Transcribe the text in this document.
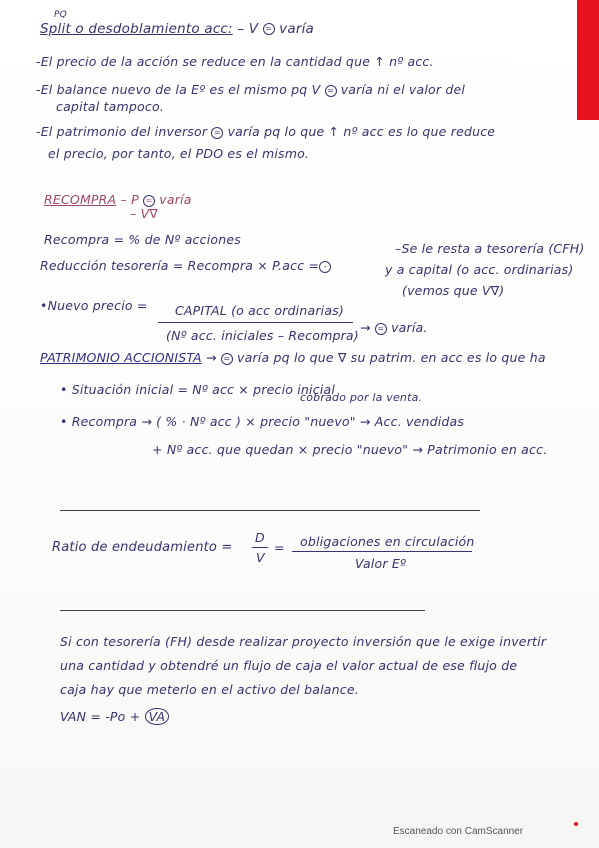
PQ
Split o desdoblamiento acc: – V = varía
-El precio de la acción se reduce en la cantidad que ↑ nº acc.
-El balance nuevo de la Eº es el mismo pq V = varía ni el valor del
capital tampoco.
-El patrimonio del inversor = varía pq lo que ↑ nº acc es lo que reduce
el precio, por tanto, el PDO es el mismo.
RECOMPRA – P = varía
– V∇
Recompra = % de Nº acciones
Reducción tesorería = Recompra × P.acc = -
–Se le resta a tesorería (CFH)
y a capital (o acc. ordinarias)
(vemos que V∇)
•Nuevo precio = CAPITAL (o acc ordinarias)
(Nº acc. iniciales – Recompra)
→ = varía.
PATRIMONIO ACCIONISTA → = varía pq lo que ∇ su patrim. en acc es lo que ha
cobrado por la venta.
• Situación inicial = Nº acc × precio inicial
• Recompra → ( % · Nº acc ) × precio "nuevo" → Acc. vendidas
+ Nº acc. que quedan × precio "nuevo" → Patrimonio en acc.
Ratio de endeudamiento =
D
V
= obligaciones en circulación
Valor Eº
Si con tesorería (FH) desde realizar proyecto inversión que le exige invertir
una cantidad y obtendré un flujo de caja el valor actual de ese flujo de
caja hay que meterlo en el activo del balance.
VAN = -Po + VA
Escaneado con CamScanner
